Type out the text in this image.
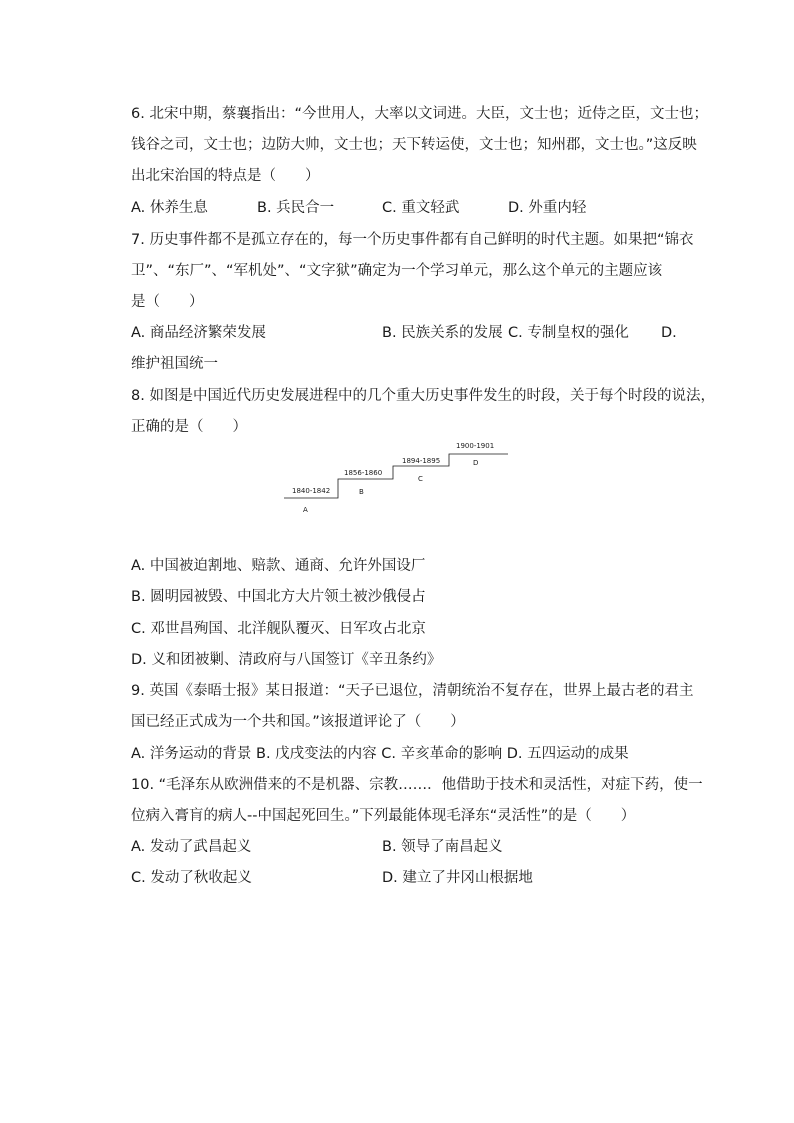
6. 北宋中期，蔡襄指出：“今世用人，大率以文词进。大臣，文士也；近侍之臣，文士也；
钱谷之司，文士也；边防大帅，文士也；天下转运使，文士也；知州郡，文士也。”这反映
出北宋治国的特点是（　　）
A. 休养生息	B. 兵民合一	C. 重文轻武	D. 外重内轻
7. 历史事件都不是孤立存在的，每一个历史事件都有自己鲜明的时代主题。如果把“锦衣
卫”、“东厂”、“军机处”、“文字狱”确定为一个学习单元，那么这个单元的主题应该
是（　　）
A. 商品经济繁荣发展	B. 民族关系的发展 C. 专制皇权的强化 D.
维护祖国统一
8. 如图是中国近代历史发展进程中的几个重大历史事件发生的时段，关于每个时段的说法，
正确的是（　　）
1840-1842
1856-1860
1894-1895
1900-1901
A
B
C
D
A. 中国被迫割地、赔款、通商、允许外国设厂
B. 圆明园被毁、中国北方大片领土被沙俄侵占
C. 邓世昌殉国、北洋舰队覆灭、日军攻占北京
D. 义和团被剿、清政府与八国签订《辛丑条约》
9. 英国《泰晤士报》某日报道：“天子已退位，清朝统治不复存在，世界上最古老的君主
国已经正式成为一个共和国。”该报道评论了（　　）
A. 洋务运动的背景 B. 戊戌变法的内容 C. 辛亥革命的影响 D. 五四运动的成果
10. “毛泽东从欧洲借来的不是机器、宗教……．他借助于技术和灵活性，对症下药，使一
位病入膏肓的病人--中国起死回生。”下列最能体现毛泽东“灵活性”的是（　　）
A. 发动了武昌起义	B. 领导了南昌起义
C. 发动了秋收起义	D. 建立了井冈山根据地
